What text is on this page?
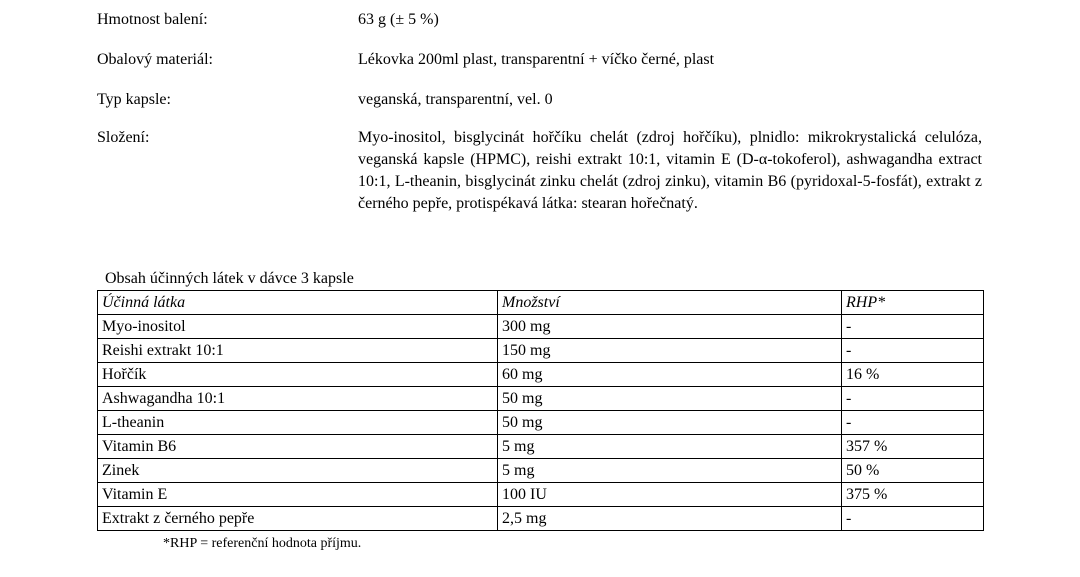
Hmotnost balení:	63 g (± 5 %)
Obalový materiál:	Lékovka 200ml plast, transparentní + víčko černé, plast
Typ kapsle:	veganská, transparentní, vel. 0
Složení:	Myo-inositol, bisglycinát hořčíku chelát (zdroj hořčíku), plnidlo: mikrokrystalická celulóza, veganská kapsle (HPMC), reishi extrakt 10:1, vitamin E (D-α-tokoferol), ashwagandha extract 10:1, L-theanin, bisglycinát zinku chelát (zdroj zinku), vitamin B6 (pyridoxal-5-fosfát), extrakt z černého pepře, protispékavá látka: stearan hořečnatý.

Obsah účinných látek v dávce 3 kapsle
Účinná látka	Množství	RHP*
Myo-inositol	300 mg	-
Reishi extrakt 10:1	150 mg	-
Hořčík	60 mg	16 %
Ashwagandha 10:1	50 mg	-
L-theanin	50 mg	-
Vitamin B6	5 mg	357 %
Zinek	5 mg	50 %
Vitamin E	100 IU	375 %
Extrakt z černého pepře	2,5 mg	-
*RHP = referenční hodnota příjmu.
